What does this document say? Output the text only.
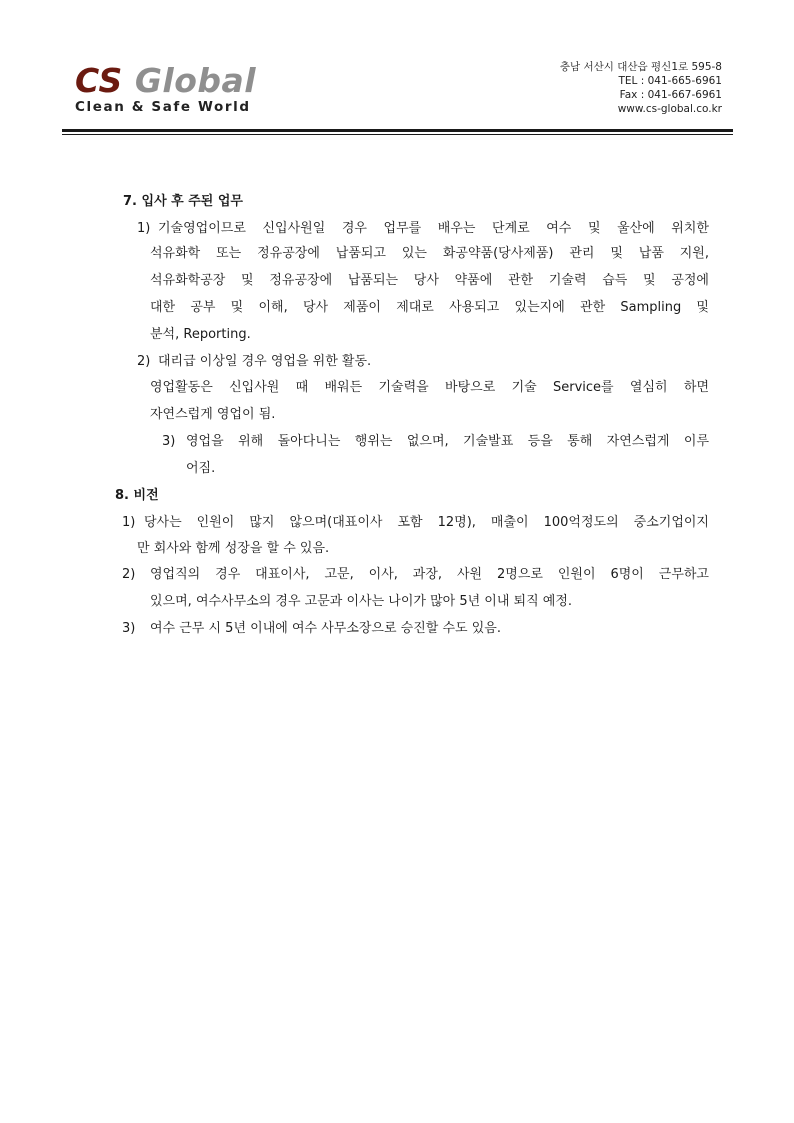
CS Global
Clean & Safe World
충남 서산시 대산읍 평신1로 595-8
TEL : 041-665-6961
Fax : 041-667-6961
www.cs-global.co.kr
7. 입사 후 주된 업무
1) 기술영업이므로 신입사원일 경우 업무를 배우는 단계로 여수 및 울산에 위치한
석유화학 또는 정유공장에 납품되고 있는 화공약품(당사제품) 관리 및 납품 지원,
석유화학공장 및 정유공장에 납품되는 당사 약품에 관한 기술력 습득 및 공정에
대한 공부 및 이해, 당사 제품이 제대로 사용되고 있는지에 관한 Sampling 및
분석, Reporting.
2) 대리급 이상일 경우 영업을 위한 활동.
영업활동은 신입사원 때 배워든 기술력을 바탕으로 기술 Service를 열심히 하면
자연스럽게 영업이 됨.
3) 영업을 위해 돌아다니는 행위는 없으며, 기술발표 등을 통해 자연스럽게 이루
어짐.
8. 비전
1) 당사는 인원이 많지 않으며(대표이사 포함 12명), 매출이 100억정도의 중소기업이지
만 회사와 함께 성장을 할 수 있음.
2) 영업직의 경우 대표이사, 고문, 이사, 과장, 사원 2명으로 인원이 6명이 근무하고
있으며, 여수사무소의 경우 고문과 이사는 나이가 많아 5년 이내 퇴직 예정.
3) 여수 근무 시 5년 이내에 여수 사무소장으로 승진할 수도 있음.
